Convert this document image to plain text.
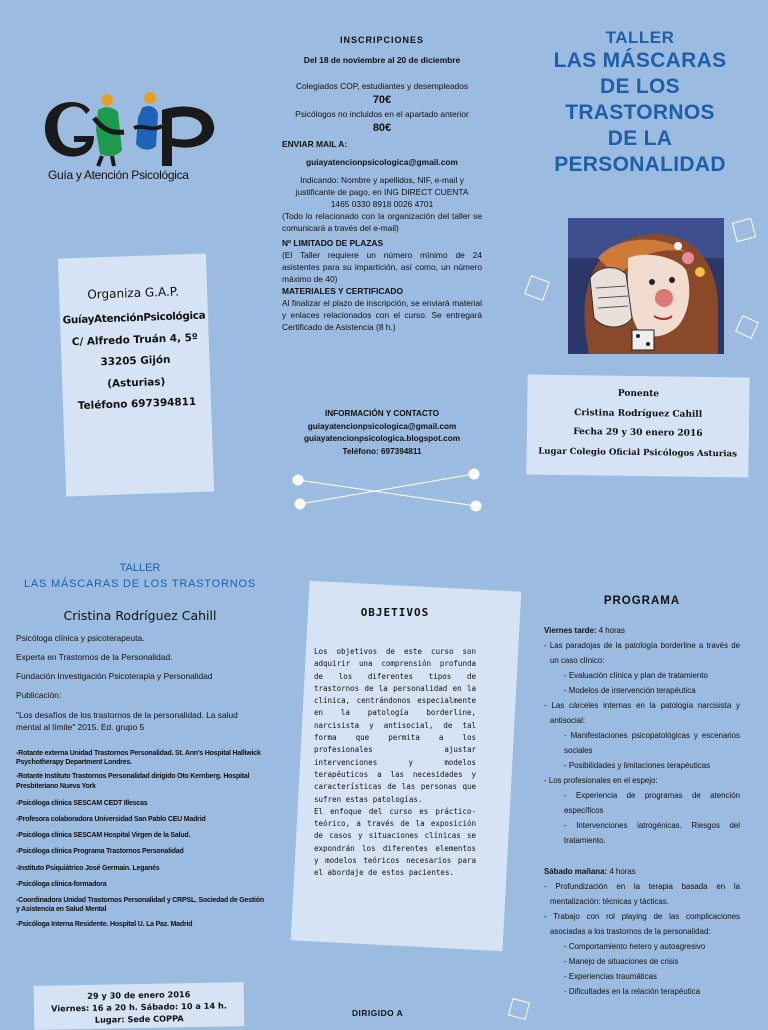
Guía y Atención Psicológica

INSCRIPCIONES

Del 18 de noviembre al 20 de diciembre

Colegiados COP, estudiantes y desempleados

70€

Psicólogos no incluidos en el apartado anterior

80€

ENVIAR MAIL A:

guiayatencionpsicologica@gmail.com

Indicando: Nombre y apellidos, NIF, e-mail y justificante de pago, en ING DIRECT CUENTA

1465 0330 8918 0026 4701

(Todo lo relacionado con la organización del taller se comunicará a través del e-mail)

Nº LIMITADO DE PLAZAS

(El Taller requiere un número mínimo de 24 asistentes para su impartición, así como, un número máximo de 40)

MATERIALES Y CERTIFICADO

Al finalizar el plazo de inscripción, se enviará material y enlaces relacionados con el curso. Se entregará Certificado de Asistencia (8 h.)

TALLER
LAS MÁSCARAS
DE LOS
TRASTORNOS
DE LA
PERSONALIDAD
Organiza G.A.P.
GuíayAtenciónPsicológica
C/ Alfredo Truán 4, 5º
33205 Gijón
(Asturias)
Teléfono 697394811
Ponente
Cristina Rodríguez Cahill
Fecha 29 y 30 enero 2016
Lugar Colegio Oficial Psicólogos Asturias

INFORMACIÓN Y CONTACTO

guiayatencionpsicologica@gmail.com

guiayatencionpsicologica.blogspot.com

Teléfono: 697394811

TALLER
LAS MÁSCARAS DE LOS TRASTORNOS
Cristina Rodríguez Cahill

Psicóloga clínica y psicoterapeuta.

Experta en Trastornos de la Personalidad.

Fundación Investigación Psicoterapia y Personalidad

Publicación:

"Los desafíos de los trastornos de la personalidad. La salud mental al límite" 2015. Ed. grupo 5

-Rotante externa Unidad Trastornos Personalidad. St. Ann's Hospital Halliwick Psychotherapy Department Londres.

-Rotante Instituto Trastornos Personalidad dirigido Oto Kernberg. Hospital Presbiteriano Nueva York

-Psicóloga clínica SESCAM CEDT Illescas

-Profesora colaboradora Universidad San Pablo CEU Madrid

-Psicóloga clínica SESCAM Hospital Virgen de la Salud.

-Psicóloga clínica Programa Trastornos Personalidad

-Instituto Psiquiátrico José Germain. Leganés

-Psicóloga clínica-formadora

-Coordinadora Unidad Trastornos Personalidad y CRPSL. Sociedad de Gestión y Asistencia en Salud Mental

-Psicóloga Interna Residente. Hospital U. La Paz. Madrid

29 y 30 de enero 2016

Viernes: 16 a 20 h. Sábado: 10 a 14 h.

Lugar: Sede COPPA

OBJETIVOS

Los objetivos de este curso son adquirir una comprensión profunda de los diferentes tipos de trastornos de la personalidad en la clínica, centrándonos especialmente en la patología borderline, narcisista y antisocial, de tal forma que permita a los profesionales ajustar intervenciones y modelos terapéuticos a las necesidades y características de las personas que sufren estas patologías.

El enfoque del curso es práctico-teórico, a través de la exposición de casos y situaciones clínicas se expondrán los diferentes elementos y modelos teóricos necesarios para el abordaje de estos pacientes.

DIRIGIDO A
PROGRAMA
Viernes tarde: 4 horas
- Las paradojas de la patología borderline a través de un caso clínico:
- Evaluación clínica y plan de tratamiento
- Modelos de intervención terapéutica
- Las cárceles internas en la patología narcisista y antisocial:
- Manifestaciones psicopatológicas y escenarios sociales
- Posibilidades y limitaciones terapéuticas
- Los profesionales en el espejo:
- Experiencia de programas de atención específicos
- Intervenciones iatrogénicas. Riesgos del tratamiento.
Sábado mañana: 4 horas
- Profundización en la terapia basada en la mentalización: técnicas y tácticas.
- Trabajo con rol playing de las complicaciones asociadas a los trastornos de la personalidad:
- Comportamiento hetero y autoagresivo
- Manejo de situaciones de crisis
- Experiencias traumáticas
- Dificultades en la relación terapéutica
